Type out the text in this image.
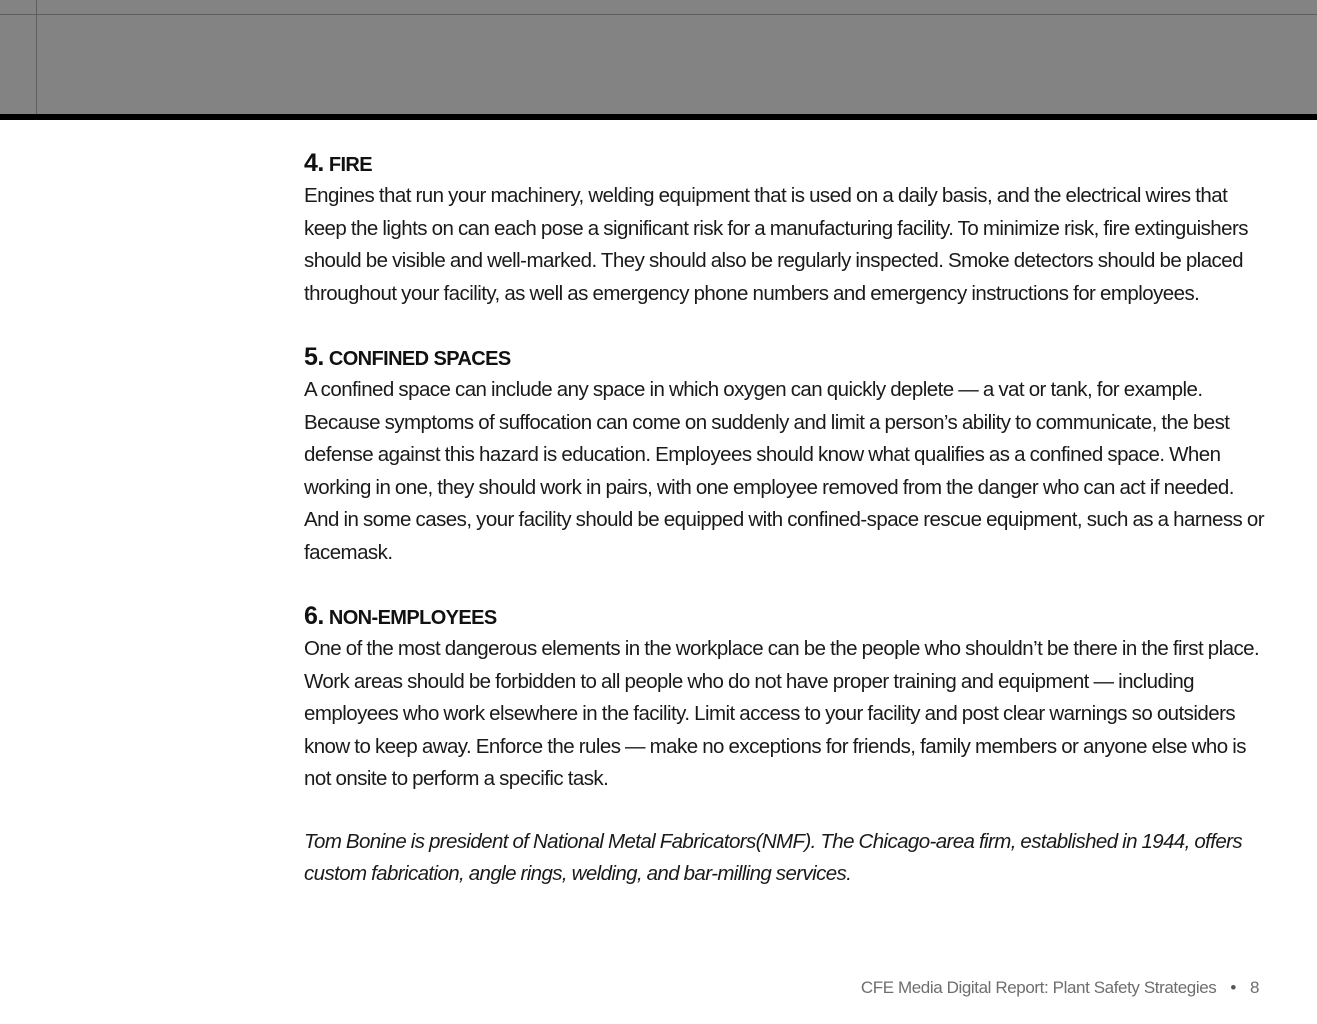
4. FIRE

Engines that run your machinery, welding equipment that is used on a daily basis, and the electrical wires that keep the lights on can each pose a significant risk for a manufacturing facility. To minimize risk, fire extinguishers should be visible and well-marked. They should also be regularly inspected. Smoke detectors should be placed throughout your facility, as well as emergency phone numbers and emergency instructions for employees.

5. CONFINED SPACES

A confined space can include any space in which oxygen can quickly deplete — a vat or tank, for example. Because symptoms of suffocation can come on suddenly and limit a person’s ability to communicate, the best defense against this hazard is education. Employees should know what qualifies as a confined space. When working in one, they should work in pairs, with one employee removed from the danger who can act if needed. And in some cases, your facility should be equipped with confined-space rescue equipment, such as a harness or facemask.

6. NON-EMPLOYEES

One of the most dangerous elements in the workplace can be the people who shouldn’t be there in the first place. Work areas should be forbidden to all people who do not have proper training and equipment — including employees who work elsewhere in the facility. Limit access to your facility and post clear warnings so outsiders know to keep away. Enforce the rules — make no exceptions for friends, family members or anyone else who is not onsite to perform a specific task.

Tom Bonine is president of National Metal Fabricators(NMF). The Chicago-area firm, established in 1944, offers custom fabrication, angle rings, welding, and bar-milling services.

CFE Media Digital Report: Plant Safety Strategies • 8
